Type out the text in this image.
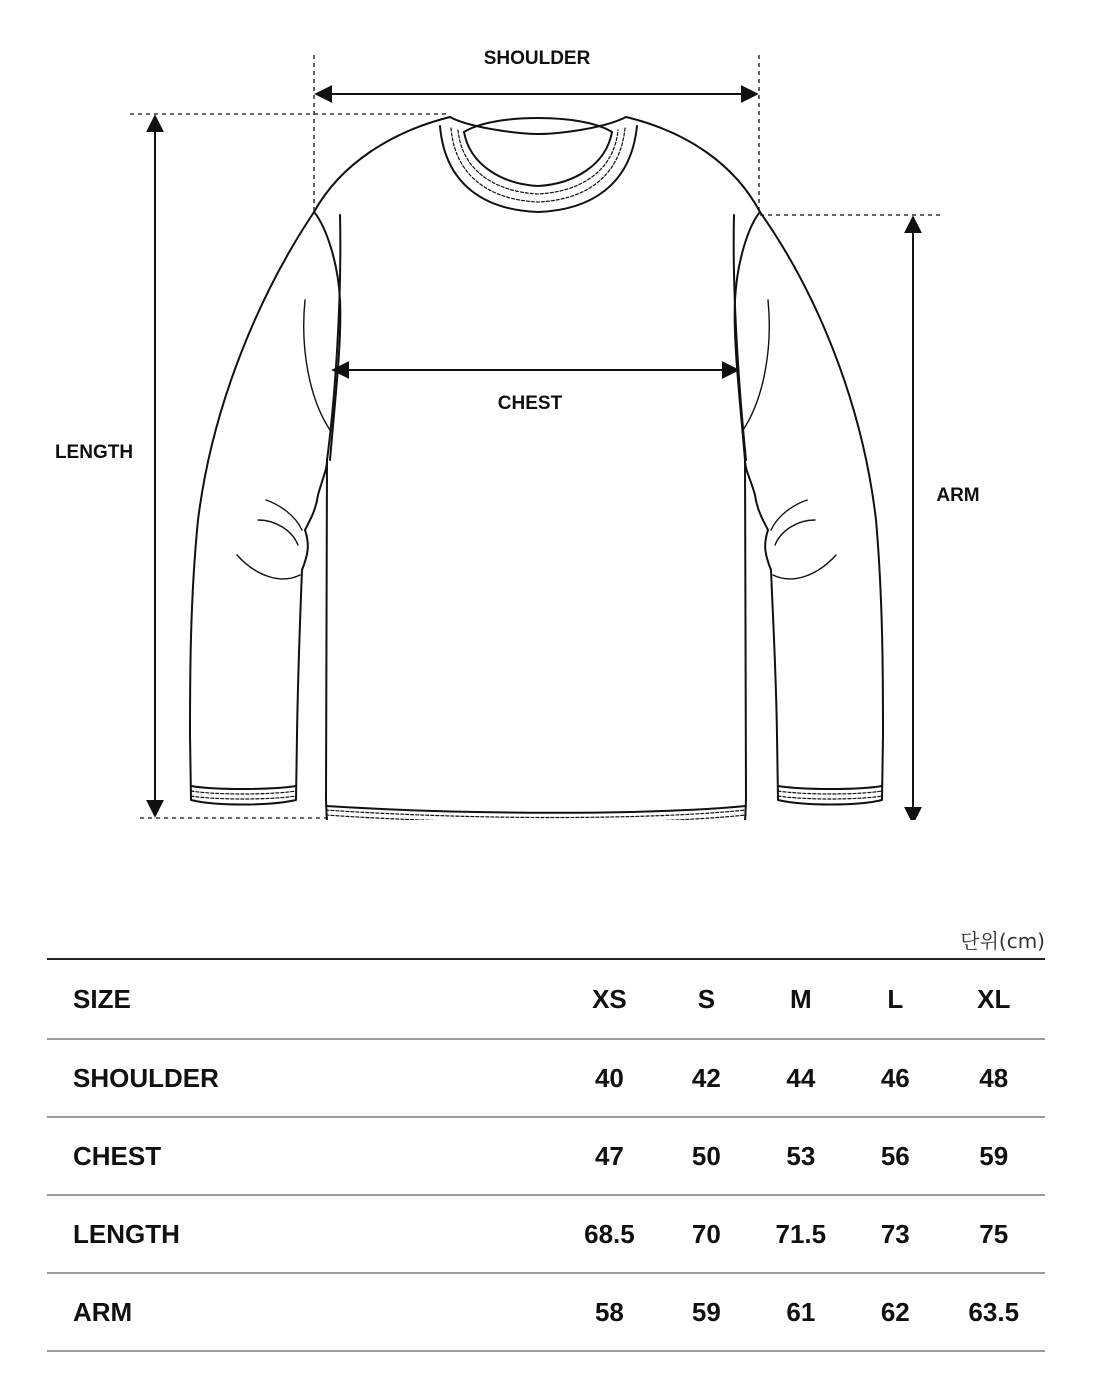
SHOULDER
CHEST
LENGTH
ARM
단위(cm)
SIZE	XS	S	M	L	XL
SHOULDER	40	42	44	46	48
CHEST	47	50	53	56	59
LENGTH	68.5	70	71.5	73	75
ARM	58	59	61	62	63.5
